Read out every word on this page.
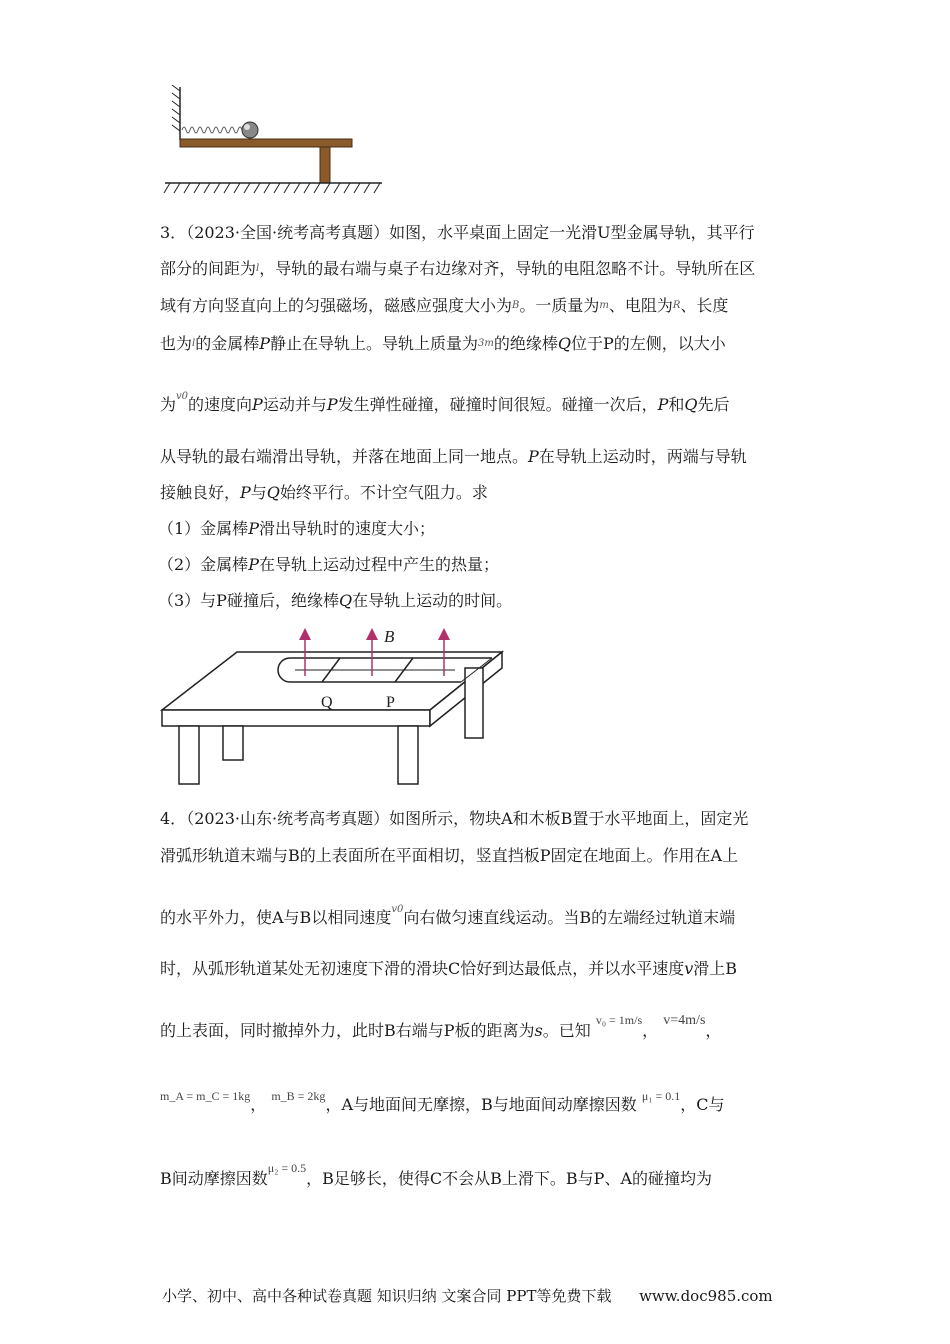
3．（2023·全国·统考高考真题）如图，水平桌面上固定一光滑U型金属导轨，其平行
部分的间距为$^l$，导轨的最右端与桌子右边缘对齐，导轨的电阻忽略不计。导轨所在区
域有方向竖直向上的匀强磁场，磁感应强度大小为$^B$。一质量为$^m$、电阻为$^R$、长度
也为$^l$的金属棒P静止在导轨上。导轨上质量为$^{3m}$的绝缘棒Q位于P的左侧，以大小
为$^{v0}$的速度向P运动并与P发生弹性碰撞，碰撞时间很短。碰撞一次后，P和Q先后
从导轨的最右端滑出导轨，并落在地面上同一地点。P在导轨上运动时，两端与导轨
接触良好，P与Q始终平行。不计空气阻力。求
（1）金属棒P滑出导轨时的速度大小；
（2）金属棒P在导轨上运动过程中产生的热量；
（3）与P碰撞后，绝缘棒Q在导轨上运动的时间。
B
Q	P
4．（2023·山东·统考高考真题）如图所示，物块A和木板B置于水平地面上，固定光
滑弧形轨道末端与B的上表面所在平面相切，竖直挡板P固定在地面上。作用在A上
的水平外力，使A与B以相同速度$^{v0}$向右做匀速直线运动。当B的左端经过轨道末端
时，从弧形轨道某处无初速度下滑的滑块C恰好到达最低点，并以水平速度v滑上B
的上表面，同时撤掉外力，此时B右端与P板的距离为s。已知 $^{v_0 = 1m/s}$， v=4m/s，
$^{m\_A = m\_C = 1kg}$， $^{m\_B = 2kg}$，A与地面间无摩擦，B与地面间动摩擦因数 $^{\mu_1 = 0.1}$，C与
B间动摩擦因数$^{\mu_2 = 0.5}$，B足够长，使得C不会从B上滑下。B与P、A的碰撞均为
小学、初中、高中各种试卷真题 知识归纳 文案合同 PPT等免费下载 www.doc985.com
